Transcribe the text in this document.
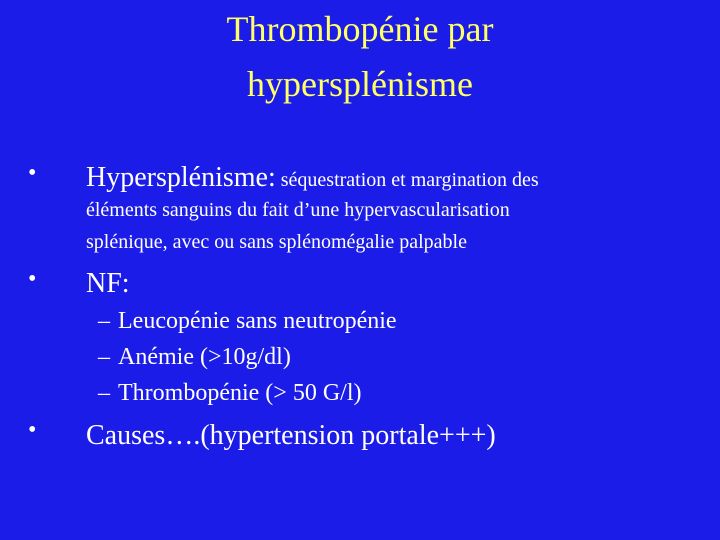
Thrombopénie par
hypersplénisme
•	Hypersplénisme: séquestration et margination des
éléments sanguins du fait d’une hypervascularisation
splénique, avec ou sans splénomégalie palpable
•	NF:
– Leucopénie sans neutropénie
– Anémie (>10g/dl)
– Thrombopénie (> 50 G/l)
•	Causes….(hypertension portale+++)
